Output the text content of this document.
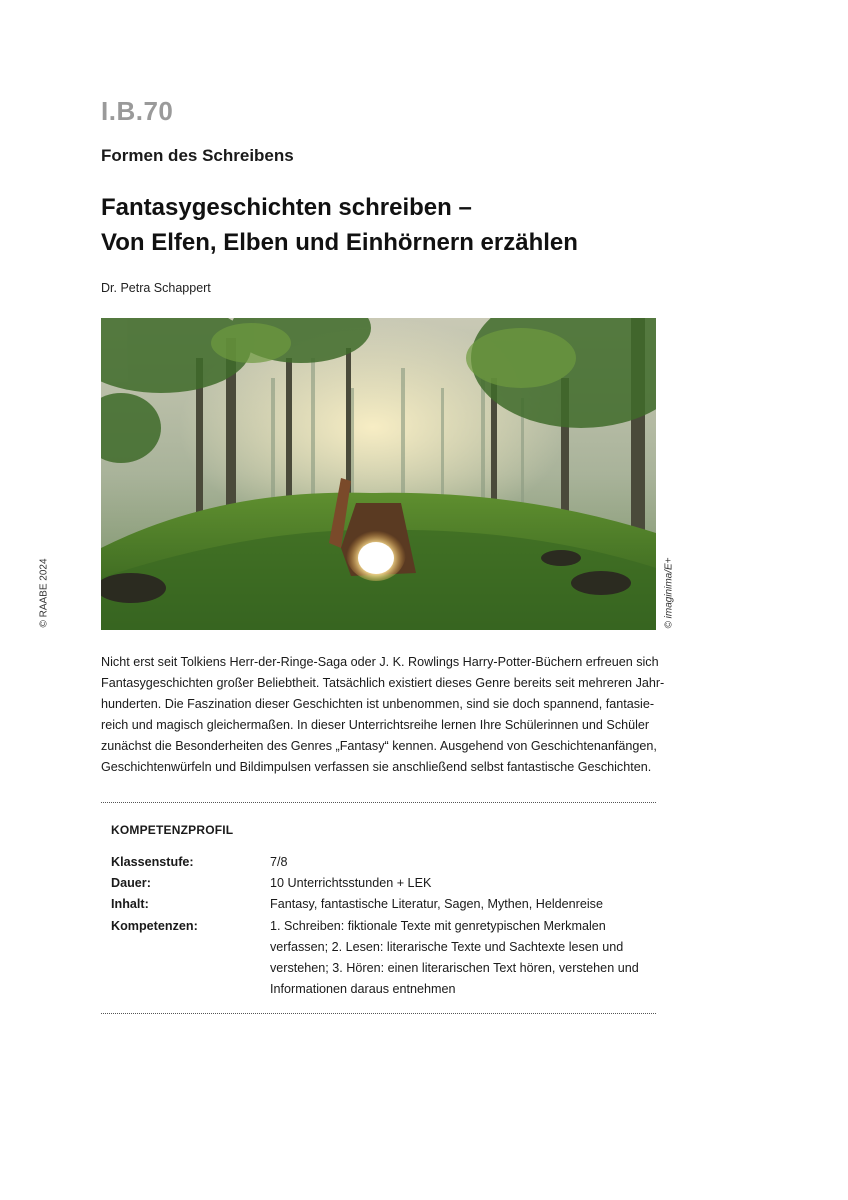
I.B.70
Formen des Schreibens
Fantasygeschichten schreiben –
Von Elfen, Elben und Einhörnern erzählen
Dr. Petra Schappert
© RAABE 2024	© imaginima/E+
Nicht erst seit Tolkiens Herr-der-Ringe-Saga oder J. K. Rowlings Harry-Potter-Büchern erfreuen sich
Fantasygeschichten großer Beliebtheit. Tatsächlich existiert dieses Genre bereits seit mehreren Jahr-
hunderten. Die Faszination dieser Geschichten ist unbenommen, sind sie doch spannend, fantasie-
reich und magisch gleichermaßen. In dieser Unterrichtsreihe lernen Ihre Schülerinnen und Schüler
zunächst die Besonderheiten des Genres „Fantasy“ kennen. Ausgehend von Geschichtenanfängen,
Geschichtenwürfeln und Bildimpulsen verfassen sie anschließend selbst fantastische Geschichten.
KOMPETENZPROFIL
Klassenstufe:	7/8
Dauer:	10 Unterrichtsstunden + LEK
Inhalt:	Fantasy, fantastische Literatur, Sagen, Mythen, Heldenreise
Kompetenzen:	1. Schreiben: fiktionale Texte mit genretypischen Merkmalen
verfassen; 2. Lesen: literarische Texte und Sachtexte lesen und
verstehen; 3. Hören: einen literarischen Text hören, verstehen und
Informationen daraus entnehmen
